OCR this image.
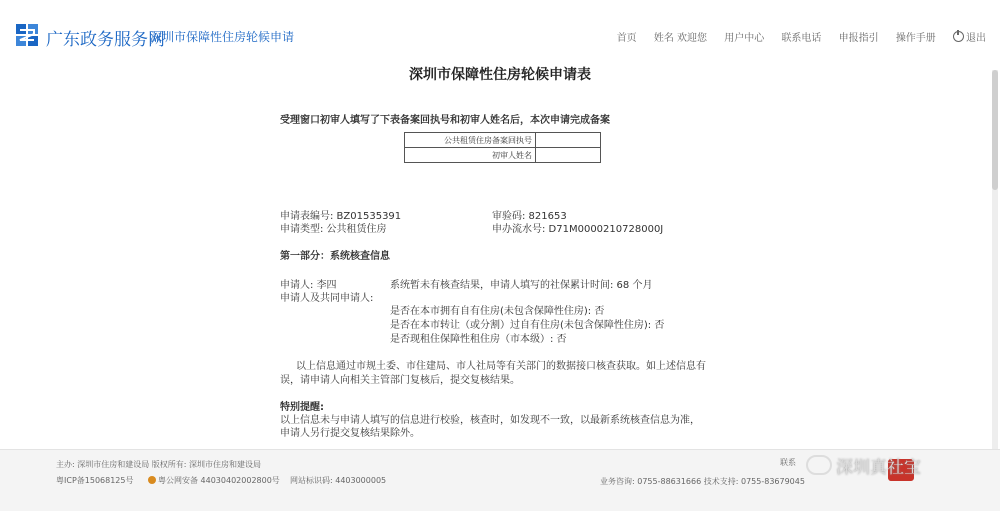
广东政务服务网
深圳市保障性住房轮候申请	首页 姓名 欢迎您 用户中心 联系电话 申报指引 操作手册	退出
深圳市保障性住房轮候申请表
受理窗口初审人填写了下表备案回执号和初审人姓名后，本次申请完成备案
公共租赁住房备案回执号	
初审人姓名	
申请表编号: BZ01535391	审验码: 821653
申请类型: 公共租赁住房	申办流水号: D71M0000210728000J
第一部分：系统核查信息
申请人: 李四	系统暂未有核查结果，申请人填写的社保累计时间: 68 个月
申请人及共同申请人:
是否在本市拥有自有住房(未包含保障性住房): 否
是否在本市转让（或分割）过自有住房(未包含保障性住房): 否
是否现租住保障性租住房（市本级）: 否
以上信息通过市规土委、市住建局、市人社局等有关部门的数据接口核查获取。如上述信息有
误，请申请人向相关主管部门复核后，提交复核结果。
特别提醒:
以上信息未与申请人填写的信息进行校验，核查时，如发现不一致，以最新系统核查信息为准，
申请人另行提交复核结果除外。
主办: 深圳市住房和建设局 版权所有: 深圳市住房和建设局
粤ICP备15068125号	粤公网安备 44030402002800号 网站标识码: 4403000005
联系
业务咨询: 0755-88631666 技术支持: 0755-83679045
深圳真社宝
